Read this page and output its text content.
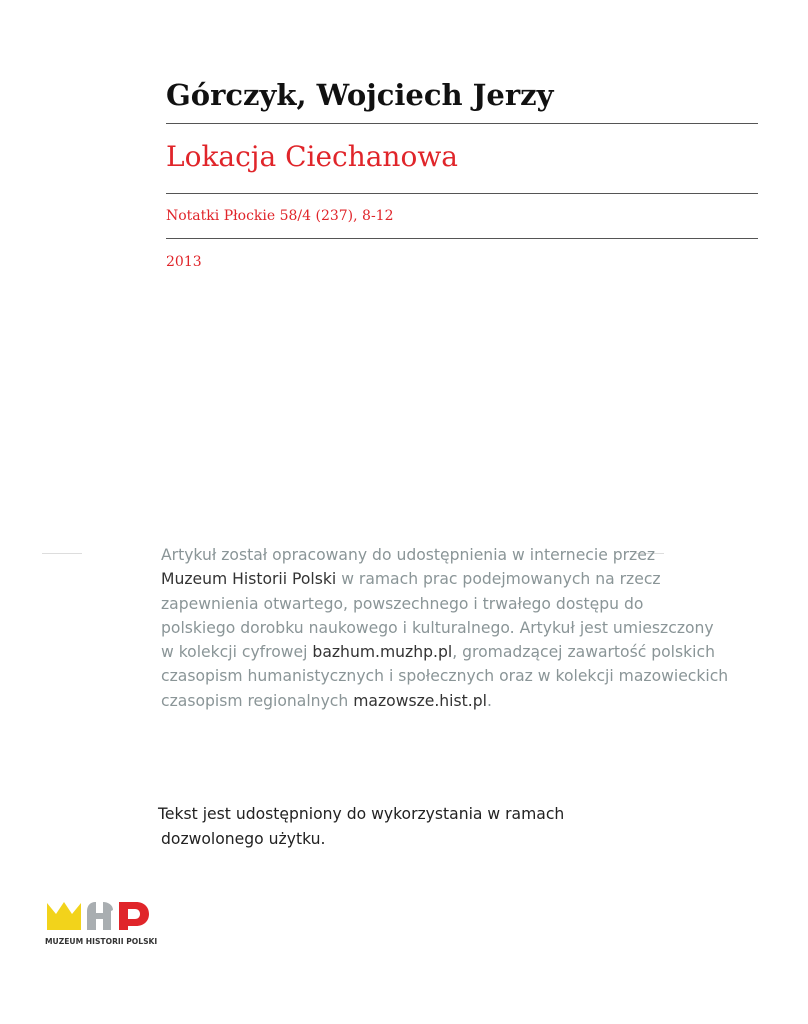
Górczyk, Wojciech Jerzy
Lokacja Ciechanowa
Notatki Płockie 58/4 (237), 8-12
2013
Artykuł został opracowany do udostępnienia w internecie przez
Muzeum Historii Polski w ramach prac podejmowanych na rzecz
zapewnienia otwartego, powszechnego i trwałego dostępu do
polskiego dorobku naukowego i kulturalnego. Artykuł jest umieszczony
w kolekcji cyfrowej bazhum.muzhp.pl, gromadzącej zawartość polskich
czasopism humanistycznych i społecznych oraz w kolekcji mazowieckich
czasopism regionalnych mazowsze.hist.pl.
Tekst jest udostępniony do wykorzystania w ramach
dozwolonego użytku.
MUZEUM HISTORII POLSKI
